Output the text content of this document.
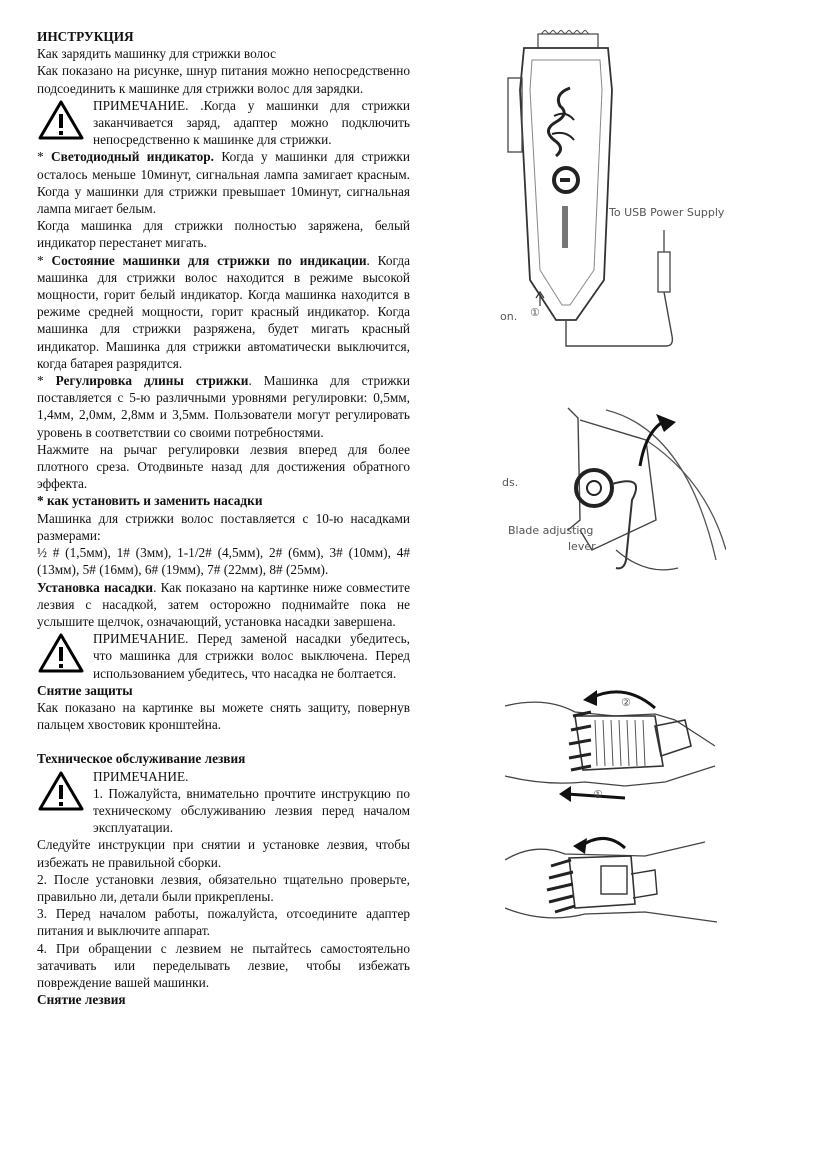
ИНСТРУКЦИЯ

Как зарядить машинку для стрижки волос

Как показано на рисунке, шнур питания можно непосредственно подсоединить к машинке для стрижки волос для зарядки.

ПРИМЕЧАНИЕ. .Когда у машинки для стрижки заканчивается заряд, адаптер можно подключить непосредственно к машинке для стрижки.

* Светодиодный индикатор. Когда у машинки для стрижки осталось меньше 10минут, сигнальная лампа замигает красным. Когда у машинки для стрижки превышает 10минут, сигнальная лампа мигает белым.

Когда машинка для стрижки полностью заряжена, белый индикатор перестанет мигать.

* Состояние машинки для стрижки по индикации. Когда машинка для стрижки волос находится в режиме высокой мощности, горит белый индикатор. Когда машинка находится в режиме средней мощности, горит красный индикатор. Когда машинка для стрижки разряжена, будет мигать красный индикатор. Машинка для стрижки автоматически выключится, когда батарея разрядится.

* Регулировка длины стрижки. Машинка для стрижки поставляется с 5-ю различными уровнями регулировки: 0,5мм, 1,4мм, 2,0мм, 2,8мм и 3,5мм. Пользователи могут регулировать уровень в соответствии со своими потребностями.

Нажмите на рычаг регулировки лезвия вперед для более плотного среза. Отодвиньте назад для достижения обратного эффекта.

* как установить и заменить насадки

Машинка для стрижки волос поставляется с 10-ю насадками размерами:

½ # (1,5мм), 1# (3мм), 1-1/2# (4,5мм), 2# (6мм), 3# (10мм), 4# (13мм), 5# (16мм), 6# (19мм), 7# (22мм), 8# (25мм).

Установка насадки. Как показано на картинке ниже совместите лезвия с насадкой, затем осторожно поднимайте пока не услышите щелчок, означающий, установка насадки завершена.

ПРИМЕЧАНИЕ. Перед заменой насадки убедитесь, что машинка для стрижки волос выключена. Перед использованием убедитесь, что насадка не болтается.

Снятие защиты

Как показано на картинке вы можете снять защиту, повернув пальцем хвостовик кронштейна.

Техническое обслуживание лезвия

ПРИМЕЧАНИЕ.

1. Пожалуйста, внимательно прочтите инструкцию по техническому обслуживанию лезвия перед началом эксплуатации.

Следуйте инструкции при снятии и установке лезвия, чтобы избежать не правильной сборки.

2. После установки лезвия, обязательно тщательно проверьте, правильно ли, детали были прикреплены.

3. Перед началом работы, пожалуйста, отсоедините адаптер питания и выключите аппарат.

4. При обращении с лезвием не пытайтесь самостоятельно затачивать или переделывать лезвие, чтобы избежать повреждение вашей машинки.

Снятие лезвия

To USB Power Supply
on. ①
ds.
Blade adjusting
lever
②
①
